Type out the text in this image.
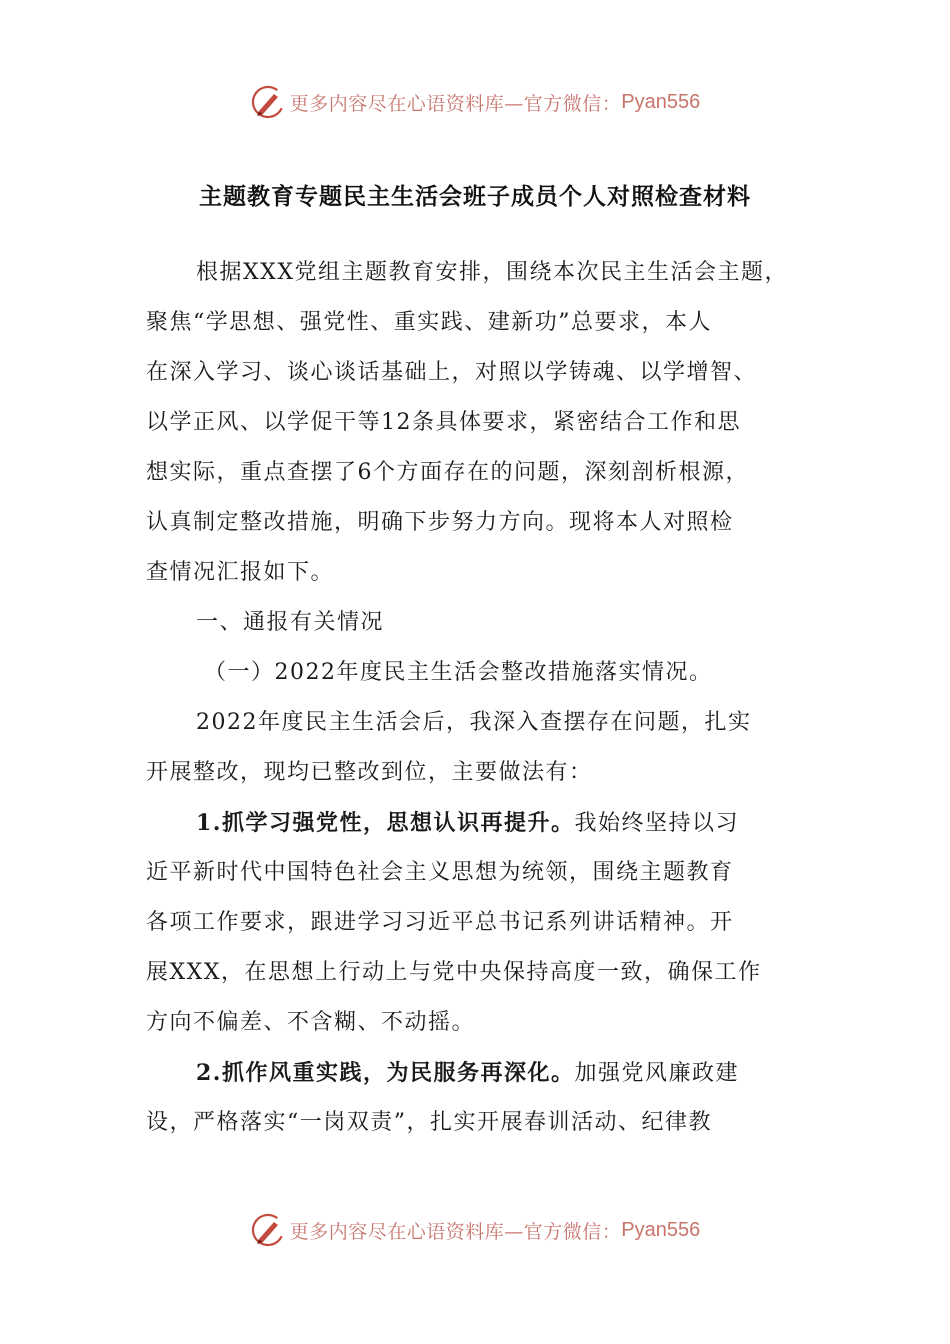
更多内容尽在心语资料库—官方微信： Pyan556
主题教育专题民主生活会班子成员个人对照检查材料
根据XXX党组主题教育安排，围绕本次民主生活会主题，
聚焦“学思想、强党性、重实践、建新功”总要求，本人
在深入学习、谈心谈话基础上，对照以学铸魂、以学增智、
以学正风、以学促干等12条具体要求，紧密结合工作和思
想实际，重点查摆了6个方面存在的问题，深刻剖析根源，
认真制定整改措施，明确下步努力方向。现将本人对照检
查情况汇报如下。
一、通报有关情况
（一）2022年度民主生活会整改措施落实情况。
2022年度民主生活会后，我深入查摆存在问题，扎实
开展整改，现均已整改到位，主要做法有：
1.抓学习强党性，思想认识再提升。我始终坚持以习
近平新时代中国特色社会主义思想为统领，围绕主题教育
各项工作要求，跟进学习习近平总书记系列讲话精神。开
展XXX，在思想上行动上与党中央保持高度一致，确保工作
方向不偏差、不含糊、不动摇。
2.抓作风重实践，为民服务再深化。加强党风廉政建
设，严格落实“一岗双责”，扎实开展春训活动、纪律教
更多内容尽在心语资料库—官方微信： Pyan556
